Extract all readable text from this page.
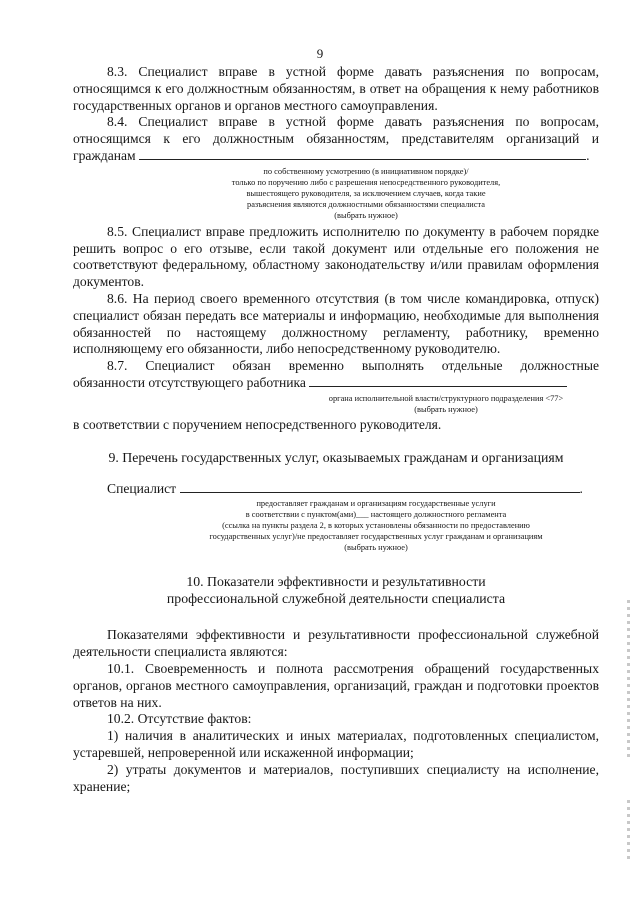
9

8.3. Специалист вправе в устной форме давать разъяснения по вопросам, относящимся к его должностным обязанностям, в ответ на обращения к нему работников государственных органов и органов местного самоуправления.

8.4. Специалист вправе в устной форме давать разъяснения по вопросам, относящимся к его должностным обязанностям, представителям организаций и

гражданам	.

по собственному усмотрению (в инициативном порядке)/
только по поручению либо с разрешения непосредственного руководителя,
вышестоящего руководителя, за исключением случаев, когда такие
разъяснения являются должностными обязанностями специалиста
(выбрать нужное)

8.5. Специалист вправе предложить исполнителю по документу в рабочем порядке решить вопрос о его отзыве, если такой документ или отдельные его положения не соответствуют федеральному, областному законодательству и/или правилам оформления документов.

8.6. На период своего временного отсутствия (в том числе командировка, отпуск) специалист обязан передать все материалы и информацию, необходимые для выполнения обязанностей по настоящему должностному регламенту, работнику, временно исполняющему его обязанности, либо непосредственному руководителю.

8.7. Специалист обязан временно выполнять отдельные должностные

обязанности отсутствующего работника

органа исполнительной власти/структурного подразделения <77>
(выбрать нужное)

в соответствии с поручением непосредственного руководителя.

9. Перечень государственных услуг, оказываемых гражданам и организациям

Специалист	.

предоставляет гражданам и организациям государственные услуги
в соответствии с пунктом(ами)___ настоящего должностного регламента
(ссылка на пункты раздела 2, в которых установлены обязанности по предоставлению
государственных услуг)/не предоставляет государственных услуг гражданам и организациям
(выбрать нужное)
10. Показатели эффективности и результативности
профессиональной служебной деятельности специалиста

Показателями эффективности и результативности профессиональной служебной деятельности специалиста являются:

10.1. Своевременность и полнота рассмотрения обращений государственных органов, органов местного самоуправления, организаций, граждан и подготовки проектов ответов на них.

10.2. Отсутствие фактов:

1) наличия в аналитических и иных материалах, подготовленных специалистом, устаревшей, непроверенной или искаженной информации;

2) утраты документов и материалов, поступивших специалисту на исполнение, хранение;
